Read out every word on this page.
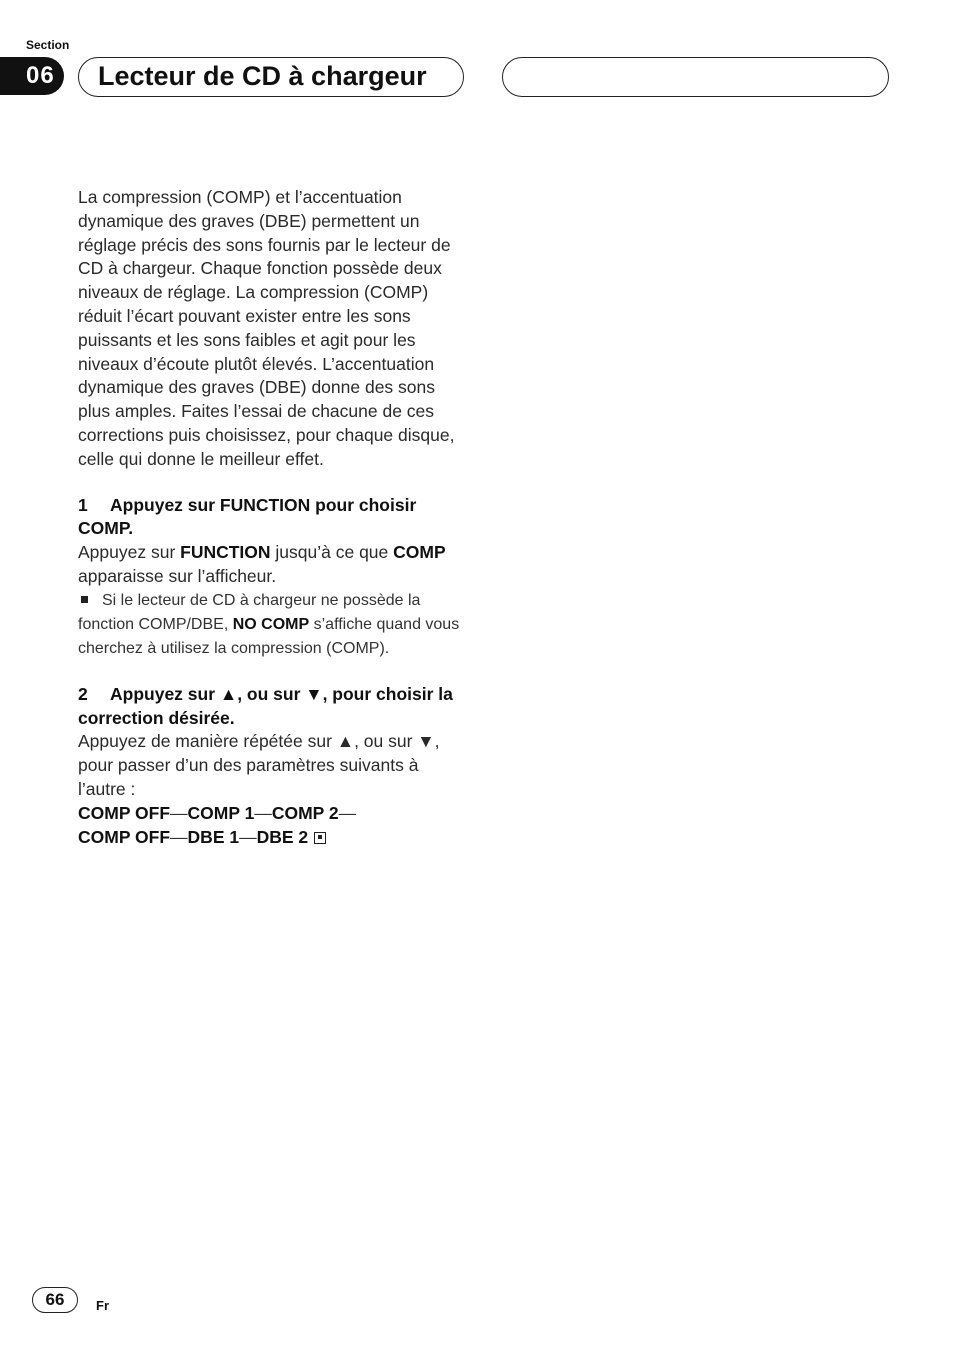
Section
06	Lecteur de CD à chargeur

La compression (COMP) et l’accentuation dynamique des graves (DBE) permettent un réglage précis des sons fournis par le lecteur de CD à chargeur. Chaque fonction possède deux niveaux de réglage. La compression (COMP) réduit l’écart pouvant exister entre les sons puissants et les sons faibles et agit pour les niveaux d’écoute plutôt élevés. L’accentuation dynamique des graves (DBE) donne des sons plus amples. Faites l’essai de chacune de ces corrections puis choisissez, pour chaque disque, celle qui donne le meilleur effet.

1 Appuyez sur FUNCTION pour choisir COMP.

Appuyez sur FUNCTION jusqu’à ce que COMP apparaisse sur l’afficheur.

Si le lecteur de CD à chargeur ne possède la fonction COMP/DBE, NO COMP s’affiche quand vous cherchez à utilisez la compression (COMP).

2 Appuyez sur ▲, ou sur ▼, pour choisir la correction désirée.

Appuyez de manière répétée sur ▲, ou sur ▼, pour passer d’un des paramètres suivants à l’autre :

COMP OFF—COMP 1—COMP 2—

COMP OFF—DBE 1—DBE 2

66	Fr
